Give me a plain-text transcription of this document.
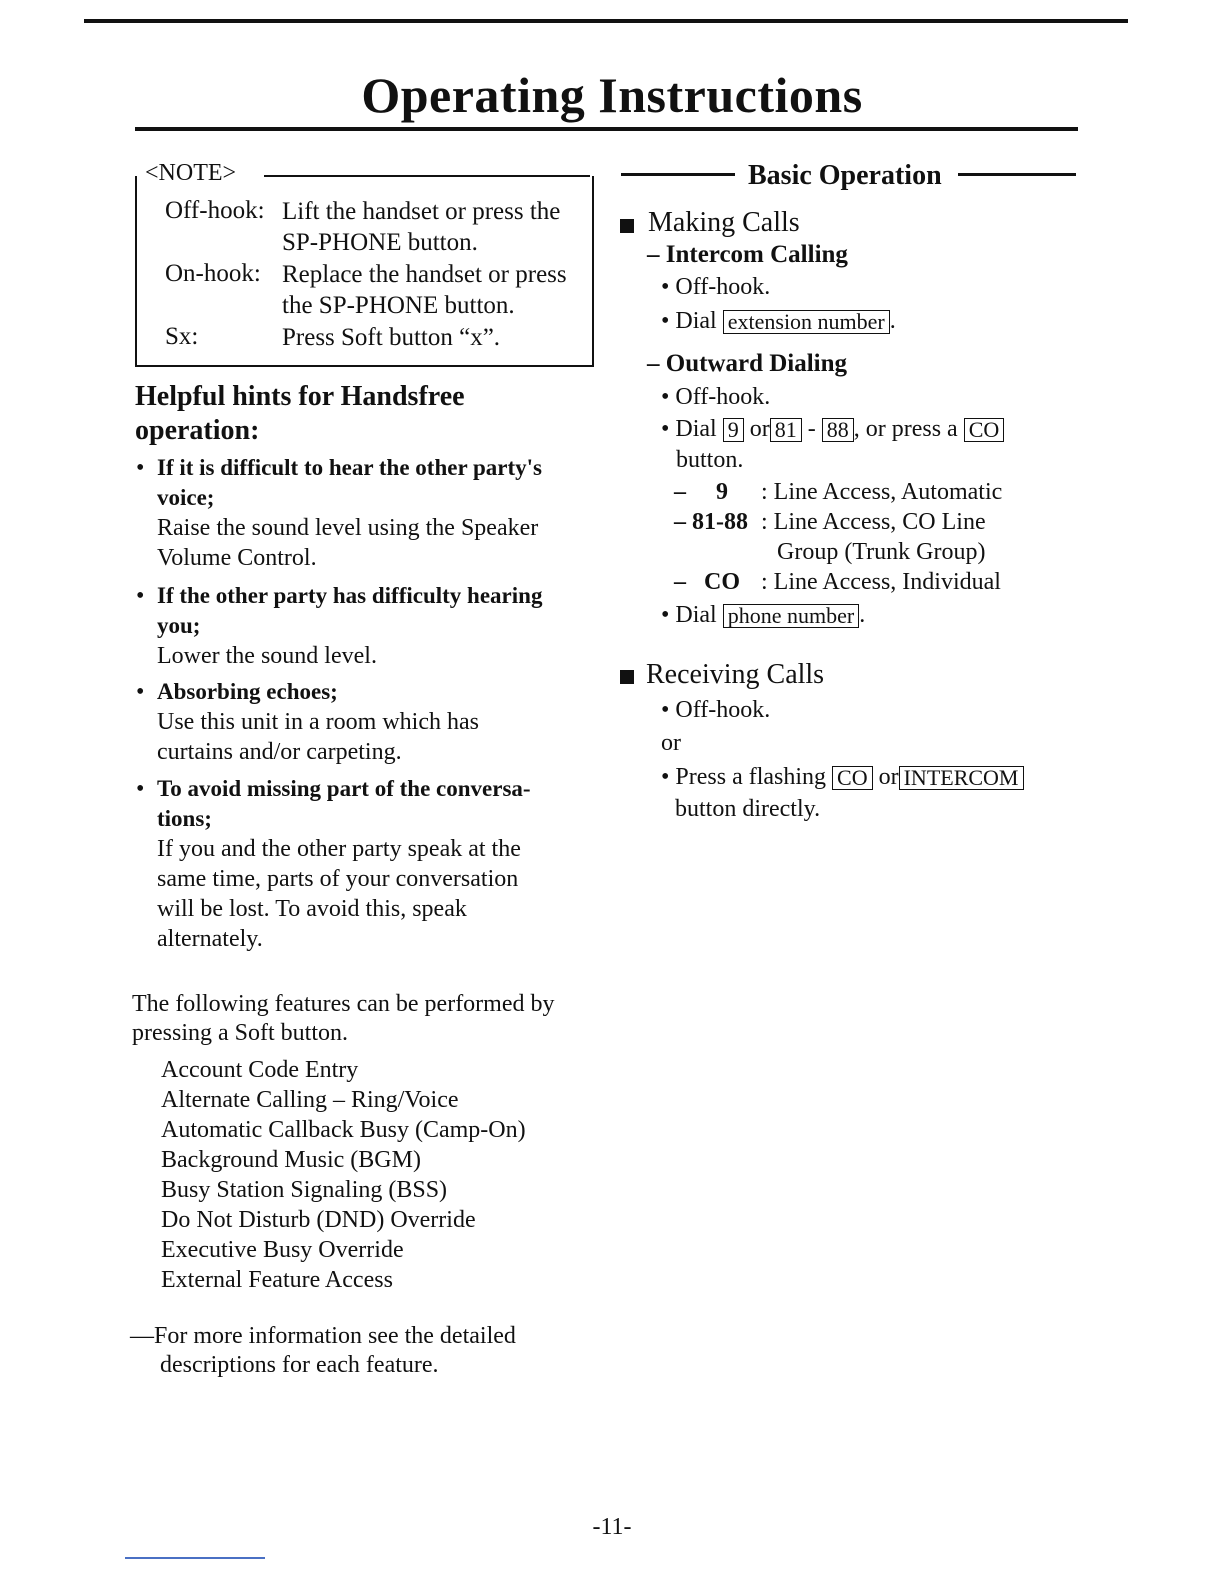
Operating Instructions
<NOTE>
Off-hook: Lift the handset or press the
SP-PHONE button.
On-hook: Replace the handset or press
the SP-PHONE button.
Sx:	Press Soft button “x”.
Helpful hints for Handsfree
operation:
• If it is difficult to hear the other party's
voice;
Raise the sound level using the Speaker
Volume Control.
• If the other party has difficulty hearing
you;
Lower the sound level.
• Absorbing echoes;
Use this unit in a room which has
curtains and/or carpeting.
• To avoid missing part of the conversa-
tions;
If you and the other party speak at the
same time, parts of your conversation
will be lost. To avoid this, speak
alternately.
The following features can be performed by
pressing a Soft button.
Account Code Entry
Alternate Calling – Ring/Voice
Automatic Callback Busy (Camp-On)
Background Music (BGM)
Busy Station Signaling (BSS)
Do Not Disturb (DND) Override
Executive Busy Override
External Feature Access
—For more information see the detailed
descriptions for each feature.
Basic Operation
Making Calls
– Intercom Calling
• Off-hook.
• Dial extension number .
– Outward Dialing
• Off-hook.
• Dial 9 or 81 - 88 , or press a CO
button.
–     9 : Line Access, Automatic
– 81-88 : Line Access, CO Line
Group (Trunk Group)
–   CO : Line Access, Individual
• Dial phone number .
Receiving Calls
• Off-hook.
or
• Press a flashing CO or INTERCOM
button directly.
-11-
